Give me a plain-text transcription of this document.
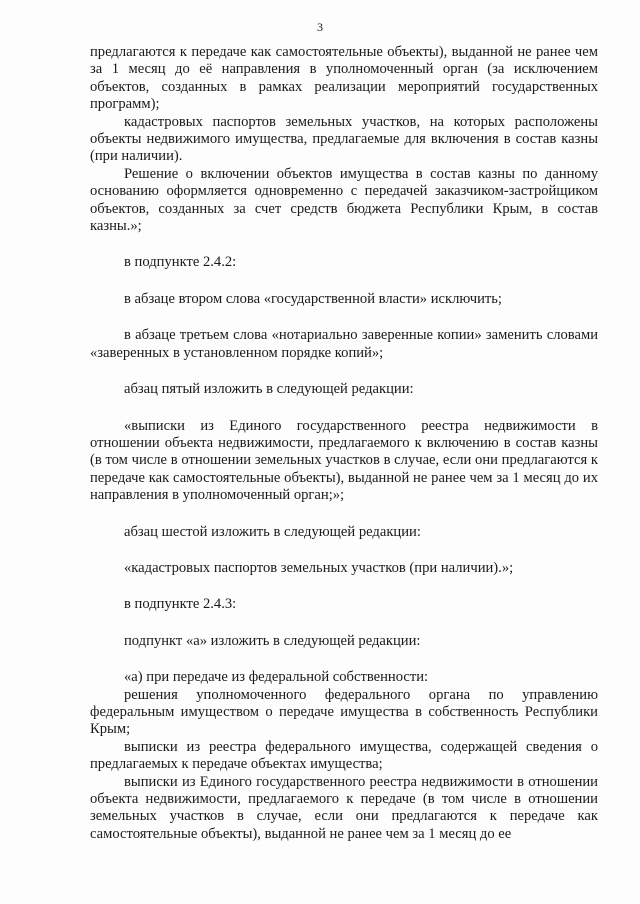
3

предлагаются к передаче как самостоятельные объекты), выданной не ранее чем за 1 месяц до её направления в уполномоченный орган (за исключением объектов, созданных в рамках реализации мероприятий государственных программ);

кадастровых паспортов земельных участков, на которых расположены объекты недвижимого имущества, предлагаемые для включения в состав казны (при наличии).

Решение о включении объектов имущества в состав казны по данному основанию оформляется одновременно с передачей заказчиком-застройщиком объектов, созданных за счет средств бюджета Республики Крым, в состав казны.»;

в подпункте 2.4.2:

в абзаце втором слова «государственной власти» исключить;

в абзаце третьем слова «нотариально заверенные копии» заменить словами «заверенных в установленном порядке копий»;

абзац пятый изложить в следующей редакции:

«выписки из Единого государственного реестра недвижимости в отношении объекта недвижимости, предлагаемого к включению в состав казны (в том числе в отношении земельных участков в случае, если они предлагаются к передаче как самостоятельные объекты), выданной не ранее чем за 1 месяц до их направления в уполномоченный орган;»;

абзац шестой изложить в следующей редакции:

«кадастровых паспортов земельных участков (при наличии).»;

в подпункте 2.4.3:

подпункт «а» изложить в следующей редакции:

«а) при передаче из федеральной собственности:

решения уполномоченного федерального органа по управлению федеральным имуществом о передаче имущества в собственность Республики Крым;

выписки из реестра федерального имущества, содержащей сведения о предлагаемых к передаче объектах имущества;

выписки из Единого государственного реестра недвижимости в отношении объекта недвижимости, предлагаемого к передаче (в том числе в отношении земельных участков в случае, если они предлагаются к передаче как самостоятельные объекты), выданной не ранее чем за 1 месяц до ее
